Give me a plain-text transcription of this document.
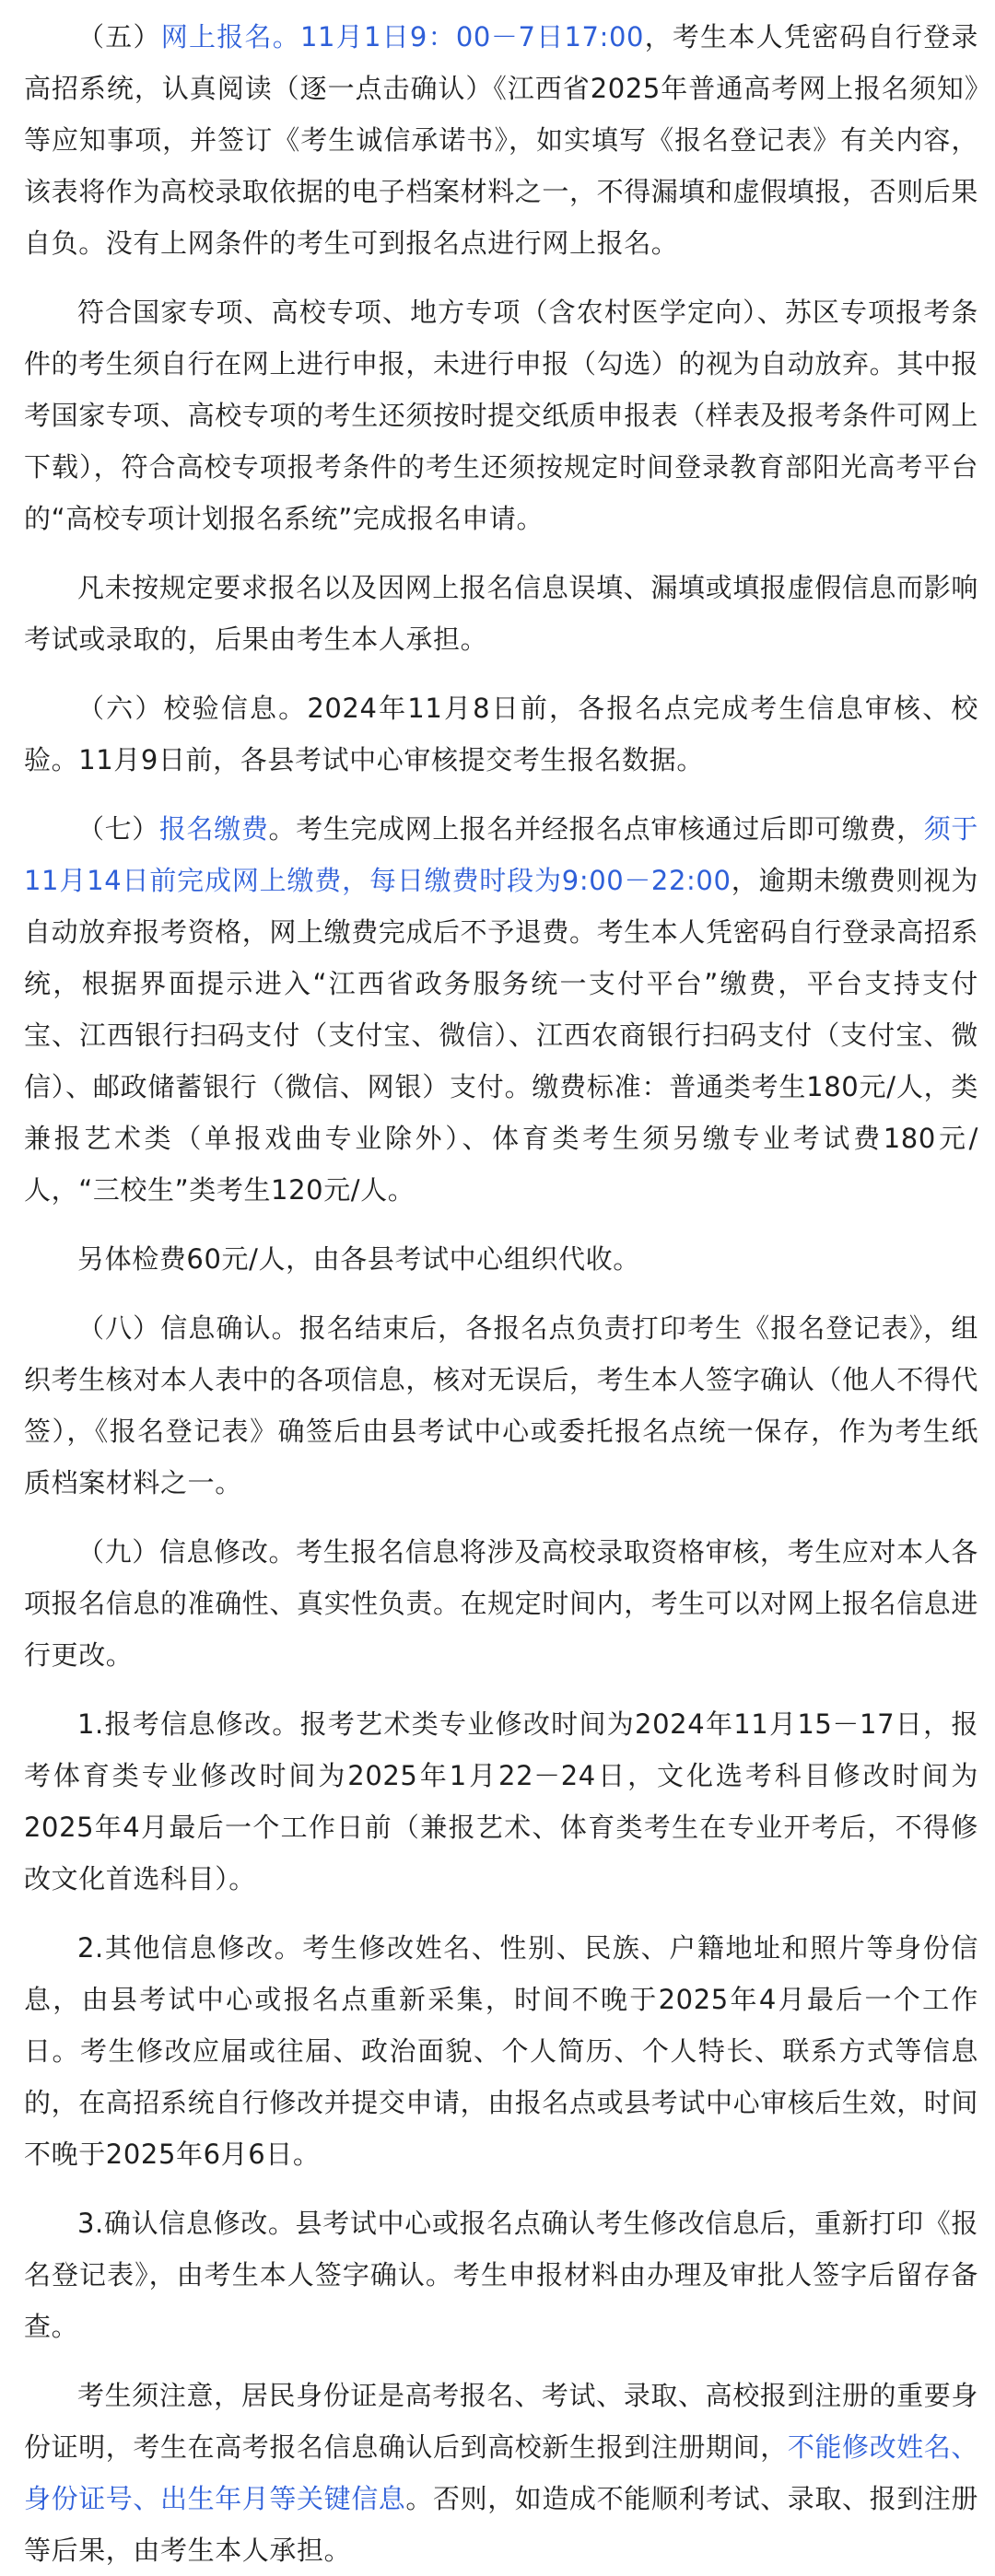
（五）网上报名。11月1日9：00－7日17:00，考生本人凭密码自行登录高招系统，认真阅读（逐一点击确认）《江西省2025年普通高考网上报名须知》等应知事项，并签订《考生诚信承诺书》，如实填写《报名登记表》有关内容，该表将作为高校录取依据的电子档案材料之一，不得漏填和虚假填报，否则后果自负。没有上网条件的考生可到报名点进行网上报名。

符合国家专项、高校专项、地方专项（含农村医学定向）、苏区专项报考条件的考生须自行在网上进行申报，未进行申报（勾选）的视为自动放弃。其中报考国家专项、高校专项的考生还须按时提交纸质申报表（样表及报考条件可网上下载），符合高校专项报考条件的考生还须按规定时间登录教育部阳光高考平台的“高校专项计划报名系统”完成报名申请。

凡未按规定要求报名以及因网上报名信息误填、漏填或填报虚假信息而影响考试或录取的，后果由考生本人承担。

（六）校验信息。2024年11月8日前，各报名点完成考生信息审核、校验。11月9日前，各县考试中心审核提交考生报名数据。

（七）报名缴费。考生完成网上报名并经报名点审核通过后即可缴费，须于11月14日前完成网上缴费，每日缴费时段为9:00－22:00，逾期未缴费则视为自动放弃报考资格，网上缴费完成后不予退费。考生本人凭密码自行登录高招系统，根据界面提示进入“江西省政务服务统一支付平台”缴费，平台支持支付宝、江西银行扫码支付（支付宝、微信）、江西农商银行扫码支付（支付宝、微信）、邮政储蓄银行（微信、网银）支付。缴费标准：普通类考生180元/人，类兼报艺术类（单报戏曲专业除外）、体育类考生须另缴专业考试费180元/人，“三校生”类考生120元/人。

另体检费60元/人，由各县考试中心组织代收。

（八）信息确认。报名结束后，各报名点负责打印考生《报名登记表》，组织考生核对本人表中的各项信息，核对无误后，考生本人签字确认（他人不得代签），《报名登记表》确签后由县考试中心或委托报名点统一保存，作为考生纸质档案材料之一。

（九）信息修改。考生报名信息将涉及高校录取资格审核，考生应对本人各项报名信息的准确性、真实性负责。在规定时间内，考生可以对网上报名信息进行更改。

1.报考信息修改。报考艺术类专业修改时间为2024年11月15－17日，报考体育类专业修改时间为2025年1月22－24日，文化选考科目修改时间为2025年4月最后一个工作日前（兼报艺术、体育类考生在专业开考后，不得修改文化首选科目）。

2.其他信息修改。考生修改姓名、性别、民族、户籍地址和照片等身份信息，由县考试中心或报名点重新采集，时间不晚于2025年4月最后一个工作日。考生修改应届或往届、政治面貌、个人简历、个人特长、联系方式等信息的，在高招系统自行修改并提交申请，由报名点或县考试中心审核后生效，时间不晚于2025年6月6日。

3.确认信息修改。县考试中心或报名点确认考生修改信息后，重新打印《报名登记表》，由考生本人签字确认。考生申报材料由办理及审批人签字后留存备查。

考生须注意，居民身份证是高考报名、考试、录取、高校报到注册的重要身份证明，考生在高考报名信息确认后到高校新生报到注册期间，不能修改姓名、身份证号、出生年月等关键信息。否则，如造成不能顺利考试、录取、报到注册等后果，由考生本人承担。
